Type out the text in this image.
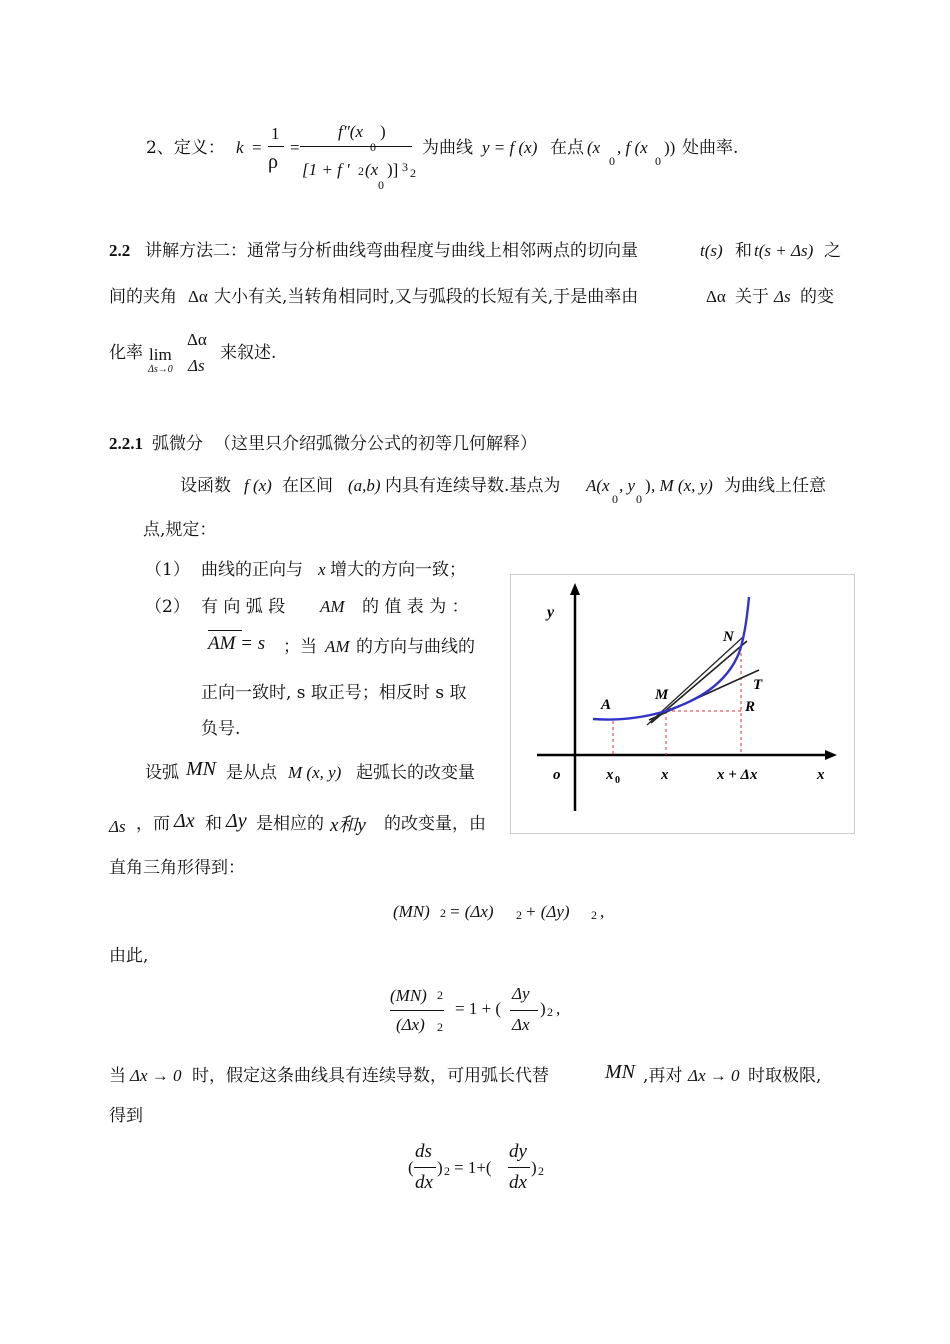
2、定义： k =
1
ρ
=
f″(x
0
)
[1 + f ′ 2 (x
0
)] 3 2
为曲线 y = f (x) 在点 (x
0
, f (x
0
)) 处曲率.
2.2 讲解方法二：通常与分析曲线弯曲程度与曲线上相邻两点的切向量	t(s) 和 t(s + Δs) 之
间的夹角 Δα 大小有关,当转角相同时,又与弧段的长短有关,于是曲率由	Δα 关于 Δs 的变
化率 lim
Δs→0
Δα
Δs
来叙述.
2.2.1 弧微分 （这里只介绍弧微分公式的初等几何解释）
设函数 f (x) 在区间 (a,b) 内具有连续导数.基点为 A(x
0
, y
0
) , M (x, y) 为曲线上任意
点,规定：
（1） 曲线的正向与 x 增大的方向一致；
（2） 有 向 弧 段 AM 的 值 表 为 ：
AM = s ；当 AM 的方向与曲线的
正向一致时, s 取正号；相反时 s 取
负号.
设弧 MN 是从点 M (x, y) 起弧长的改变量
Δs ，而 Δx 和 Δy 是相应的 x和y 的改变量，由
直角三角形得到：
(MN) 2 = (Δx) 2 + (Δy) 2 ,
由此,
(MN) 2
(Δx) 2
= 1 + (
Δy
Δx
) 2 ,
当 Δx → 0 时，假定这条曲线具有连续导数，可用弧长代替	MN ,再对 Δx → 0 时取极限,
得到
(
ds
dx
) 2 = 1+(
dy
dx
) 2
y
o	x 0	x	x + Δx	x
A
M
N
T
R
